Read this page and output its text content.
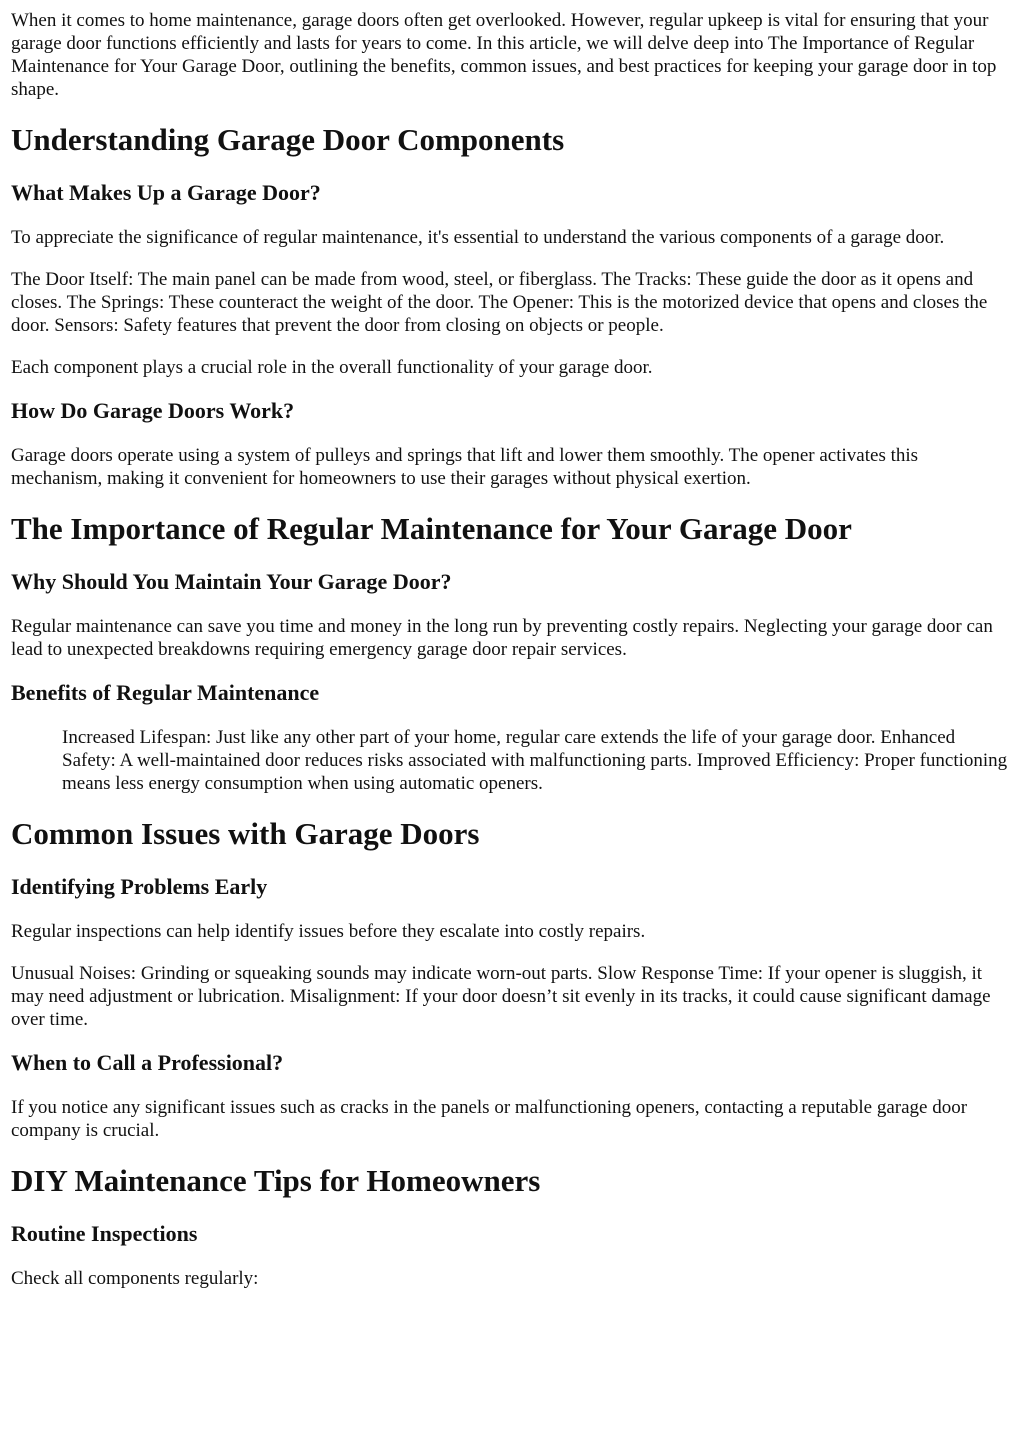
When it comes to home maintenance, garage doors often get overlooked. However, regular upkeep is vital for ensuring that your garage door functions efficiently and lasts for years to come. In this article, we will delve deep into The Importance of Regular Maintenance for Your Garage Door, outlining the benefits, common issues, and best practices for keeping your garage door in top shape.

Understanding Garage Door Components
What Makes Up a Garage Door?

To appreciate the significance of regular maintenance, it's essential to understand the various components of a garage door.

The Door Itself: The main panel can be made from wood, steel, or fiberglass. The Tracks: These guide the door as it opens and closes. The Springs: These counteract the weight of the door. The Opener: This is the motorized device that opens and closes the door. Sensors: Safety features that prevent the door from closing on objects or people.

Each component plays a crucial role in the overall functionality of your garage door.

How Do Garage Doors Work?

Garage doors operate using a system of pulleys and springs that lift and lower them smoothly. The opener activates this mechanism, making it convenient for homeowners to use their garages without physical exertion.

The Importance of Regular Maintenance for Your Garage Door
Why Should You Maintain Your Garage Door?

Regular maintenance can save you time and money in the long run by preventing costly repairs. Neglecting your garage door can lead to unexpected breakdowns requiring emergency garage door repair services.

Benefits of Regular Maintenance

Increased Lifespan: Just like any other part of your home, regular care extends the life of your garage door. Enhanced Safety: A well-maintained door reduces risks associated with malfunctioning parts. Improved Efficiency: Proper functioning means less energy consumption when using automatic openers.

Common Issues with Garage Doors
Identifying Problems Early

Regular inspections can help identify issues before they escalate into costly repairs.

Unusual Noises: Grinding or squeaking sounds may indicate worn-out parts. Slow Response Time: If your opener is sluggish, it may need adjustment or lubrication. Misalignment: If your door doesn’t sit evenly in its tracks, it could cause significant damage over time.

When to Call a Professional?

If you notice any significant issues such as cracks in the panels or malfunctioning openers, contacting a reputable garage door company is crucial.

DIY Maintenance Tips for Homeowners
Routine Inspections

Check all components regularly:
